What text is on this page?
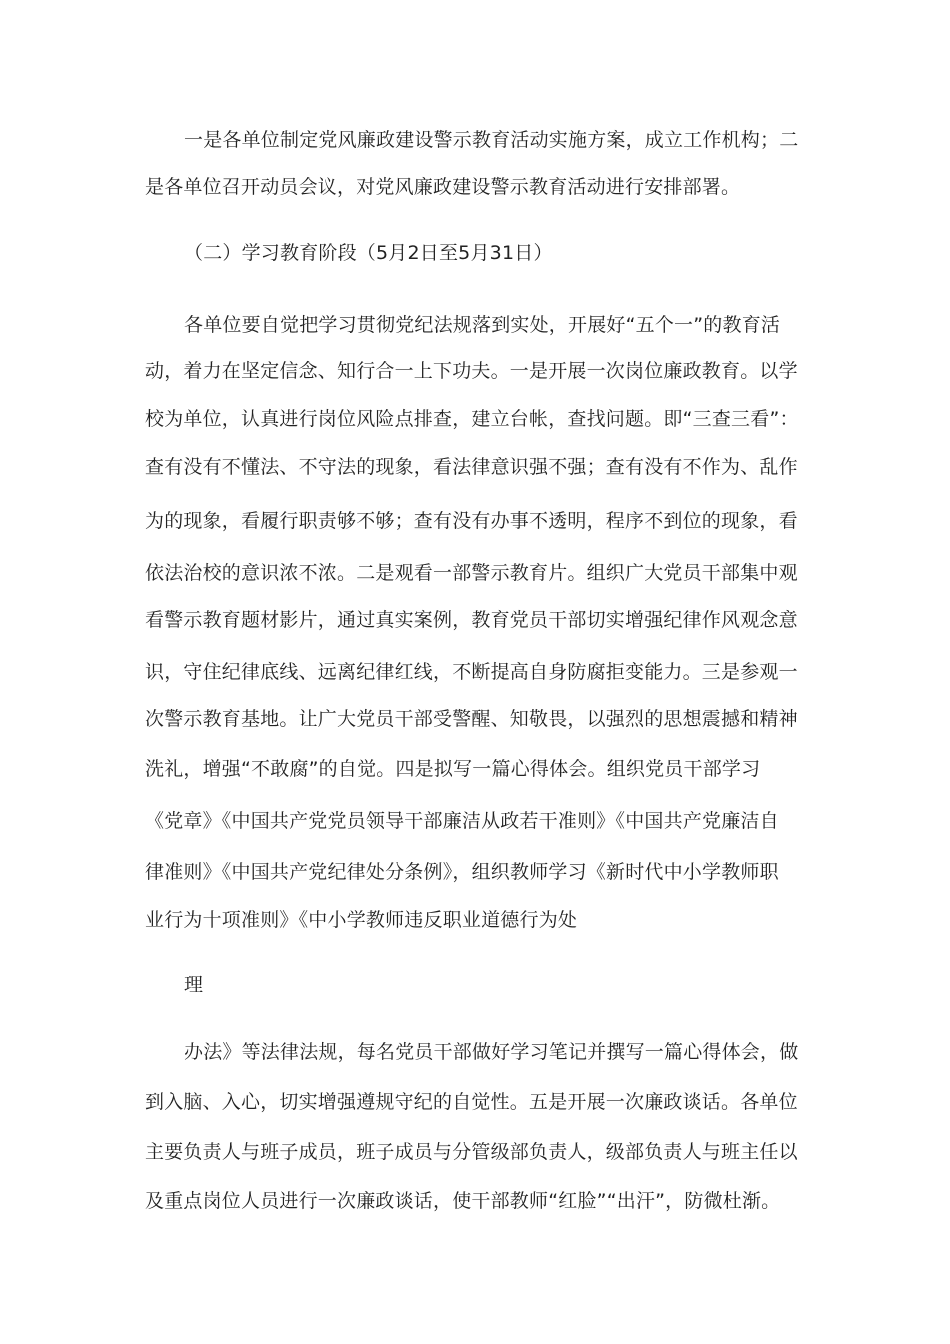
一是各单位制定党风廉政建设警示教育活动实施方案，成立工作机构；二
是各单位召开动员会议，对党风廉政建设警示教育活动进行安排部署。
（二）学习教育阶段（5月2日至5月31日）
各单位要自觉把学习贯彻党纪法规落到实处，开展好“五个一”的教育活
动，着力在坚定信念、知行合一上下功夫。一是开展一次岗位廉政教育。以学
校为单位，认真进行岗位风险点排查，建立台帐，查找问题。即“三查三看”：
查有没有不懂法、不守法的现象，看法律意识强不强；查有没有不作为、乱作
为的现象，看履行职责够不够；查有没有办事不透明，程序不到位的现象，看
依法治校的意识浓不浓。二是观看一部警示教育片。组织广大党员干部集中观
看警示教育题材影片，通过真实案例，教育党员干部切实增强纪律作风观念意
识，守住纪律底线、远离纪律红线，不断提高自身防腐拒变能力。三是参观一
次警示教育基地。让广大党员干部受警醒、知敬畏，以强烈的思想震撼和精神
洗礼，增强“不敢腐”的自觉。四是拟写一篇心得体会。组织党员干部学习
《党章》《中国共产党党员领导干部廉洁从政若干准则》《中国共产党廉洁自
律准则》《中国共产党纪律处分条例》，组织教师学习《新时代中小学教师职
业行为十项准则》《中小学教师违反职业道德行为处
理
办法》等法律法规，每名党员干部做好学习笔记并撰写一篇心得体会，做
到入脑、入心，切实增强遵规守纪的自觉性。五是开展一次廉政谈话。各单位
主要负责人与班子成员，班子成员与分管级部负责人，级部负责人与班主任以
及重点岗位人员进行一次廉政谈话，使干部教师“红脸”“出汗”，防微杜渐。
